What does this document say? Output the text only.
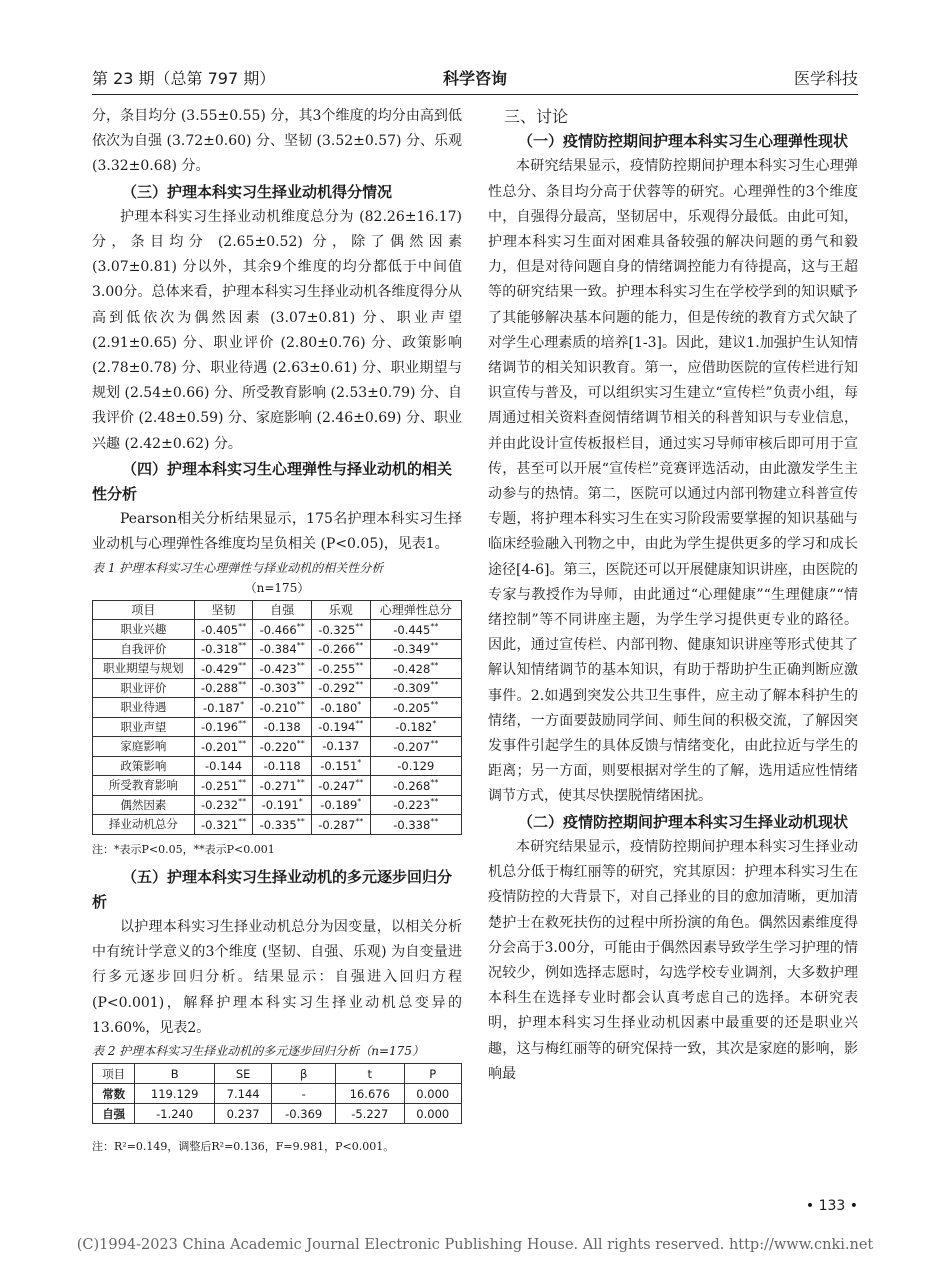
第 23 期（总第 797 期）	科学咨询	医学科技

分，条目均分 (3.55±0.55) 分，其3个维度的均分由高到低依次为自强 (3.72±0.60) 分、坚韧 (3.52±0.57) 分、乐观 (3.32±0.68) 分。

（三）护理本科实习生择业动机得分情况

护理本科实习生择业动机维度总分为 (82.26±16.17) 分，条目均分 (2.65±0.52) 分，除了偶然因素 (3.07±0.81) 分以外，其余9个维度的均分都低于中间值3.00分。总体来看，护理本科实习生择业动机各维度得分从高到低依次为偶然因素 (3.07±0.81) 分、职业声望 (2.91±0.65) 分、职业评价 (2.80±0.76) 分、政策影响 (2.78±0.78) 分、职业待遇 (2.63±0.61) 分、职业期望与规划 (2.54±0.66) 分、所受教育影响 (2.53±0.79) 分、自我评价 (2.48±0.59) 分、家庭影响 (2.46±0.69) 分、职业兴趣 (2.42±0.62) 分。

（四）护理本科实习生心理弹性与择业动机的相关性分析

Pearson相关分析结果显示，175名护理本科实习生择业动机与心理弹性各维度均呈负相关 (P<0.05)，见表1。

表 1 护理本科实习生心理弹性与择业动机的相关性分析

（n=175）

项目	坚韧	自强	乐观	心理弹性总分
职业兴趣	-0.405**	-0.466**	-0.325**	-0.445**
自我评价	-0.318**	-0.384**	-0.266**	-0.349**
职业期望与规划	-0.429**	-0.423**	-0.255**	-0.428**
职业评价	-0.288**	-0.303**	-0.292**	-0.309**
职业待遇	-0.187*	-0.210**	-0.180*	-0.205**
职业声望	-0.196**	-0.138	-0.194**	-0.182*
家庭影响	-0.201**	-0.220**	-0.137	-0.207**
政策影响	-0.144	-0.118	-0.151*	-0.129
所受教育影响	-0.251**	-0.271**	-0.247**	-0.268**
偶然因素	-0.232**	-0.191*	-0.189*	-0.223**
择业动机总分	-0.321**	-0.335**	-0.287**	-0.338**

注：*表示P<0.05，**表示P<0.001

（五）护理本科实习生择业动机的多元逐步回归分析

以护理本科实习生择业动机总分为因变量，以相关分析中有统计学意义的3个维度 (坚韧、自强、乐观) 为自变量进行多元逐步回归分析。结果显示：自强进入回归方程 (P<0.001)，解释护理本科实习生择业动机总变异的13.60%，见表2。

表 2 护理本科实习生择业动机的多元逐步回归分析（n=175）

项目	B	SE	β	t	P
常数	119.129	7.144	-	16.676	0.000
自强	-1.240	0.237	-0.369	-5.227	0.000

注：R²=0.149，调整后R²=0.136，F=9.981，P<0.001。

三、讨论

（一）疫情防控期间护理本科实习生心理弹性现状

本研究结果显示，疫情防控期间护理本科实习生心理弹性总分、条目均分高于伏蓉等的研究。心理弹性的3个维度中，自强得分最高，坚韧居中，乐观得分最低。由此可知，护理本科实习生面对困难具备较强的解决问题的勇气和毅力，但是对待问题自身的情绪调控能力有待提高，这与王超等的研究结果一致。护理本科实习生在学校学到的知识赋予了其能够解决基本问题的能力，但是传统的教育方式欠缺了对学生心理素质的培养[1-3]。因此，建议1.加强护生认知情绪调节的相关知识教育。第一，应借助医院的宣传栏进行知识宣传与普及，可以组织实习生建立“宣传栏”负责小组，每周通过相关资料查阅情绪调节相关的科普知识与专业信息，并由此设计宣传板报栏目，通过实习导师审核后即可用于宣传，甚至可以开展“宣传栏”竞赛评选活动，由此激发学生主动参与的热情。第二，医院可以通过内部刊物建立科普宣传专题，将护理本科实习生在实习阶段需要掌握的知识基础与临床经验融入刊物之中，由此为学生提供更多的学习和成长途径[4-6]。第三，医院还可以开展健康知识讲座，由医院的专家与教授作为导师，由此通过“心理健康”“生理健康”“情绪控制”等不同讲座主题，为学生学习提供更专业的路径。因此，通过宣传栏、内部刊物、健康知识讲座等形式使其了解认知情绪调节的基本知识，有助于帮助护生正确判断应激事件。2.如遇到突发公共卫生事件，应主动了解本科护生的情绪，一方面要鼓励同学间、师生间的积极交流，了解因突发事件引起学生的具体反馈与情绪变化，由此拉近与学生的距离；另一方面，则要根据对学生的了解，选用适应性情绪调节方式，使其尽快摆脱情绪困扰。

（二）疫情防控期间护理本科实习生择业动机现状

本研究结果显示，疫情防控期间护理本科实习生择业动机总分低于梅红丽等的研究，究其原因：护理本科实习生在疫情防控的大背景下，对自己择业的目的愈加清晰，更加清楚护士在救死扶伤的过程中所扮演的角色。偶然因素维度得分会高于3.00分，可能由于偶然因素导致学生学习护理的情况较少，例如选择志愿时，勾选学校专业调剂，大多数护理本科生在选择专业时都会认真考虑自己的选择。本研究表明，护理本科实习生择业动机因素中最重要的还是职业兴趣，这与梅红丽等的研究保持一致，其次是家庭的影响，影响最

• 133 •
(C)1994-2023 China Academic Journal Electronic Publishing House. All rights reserved. http://www.cnki.net
